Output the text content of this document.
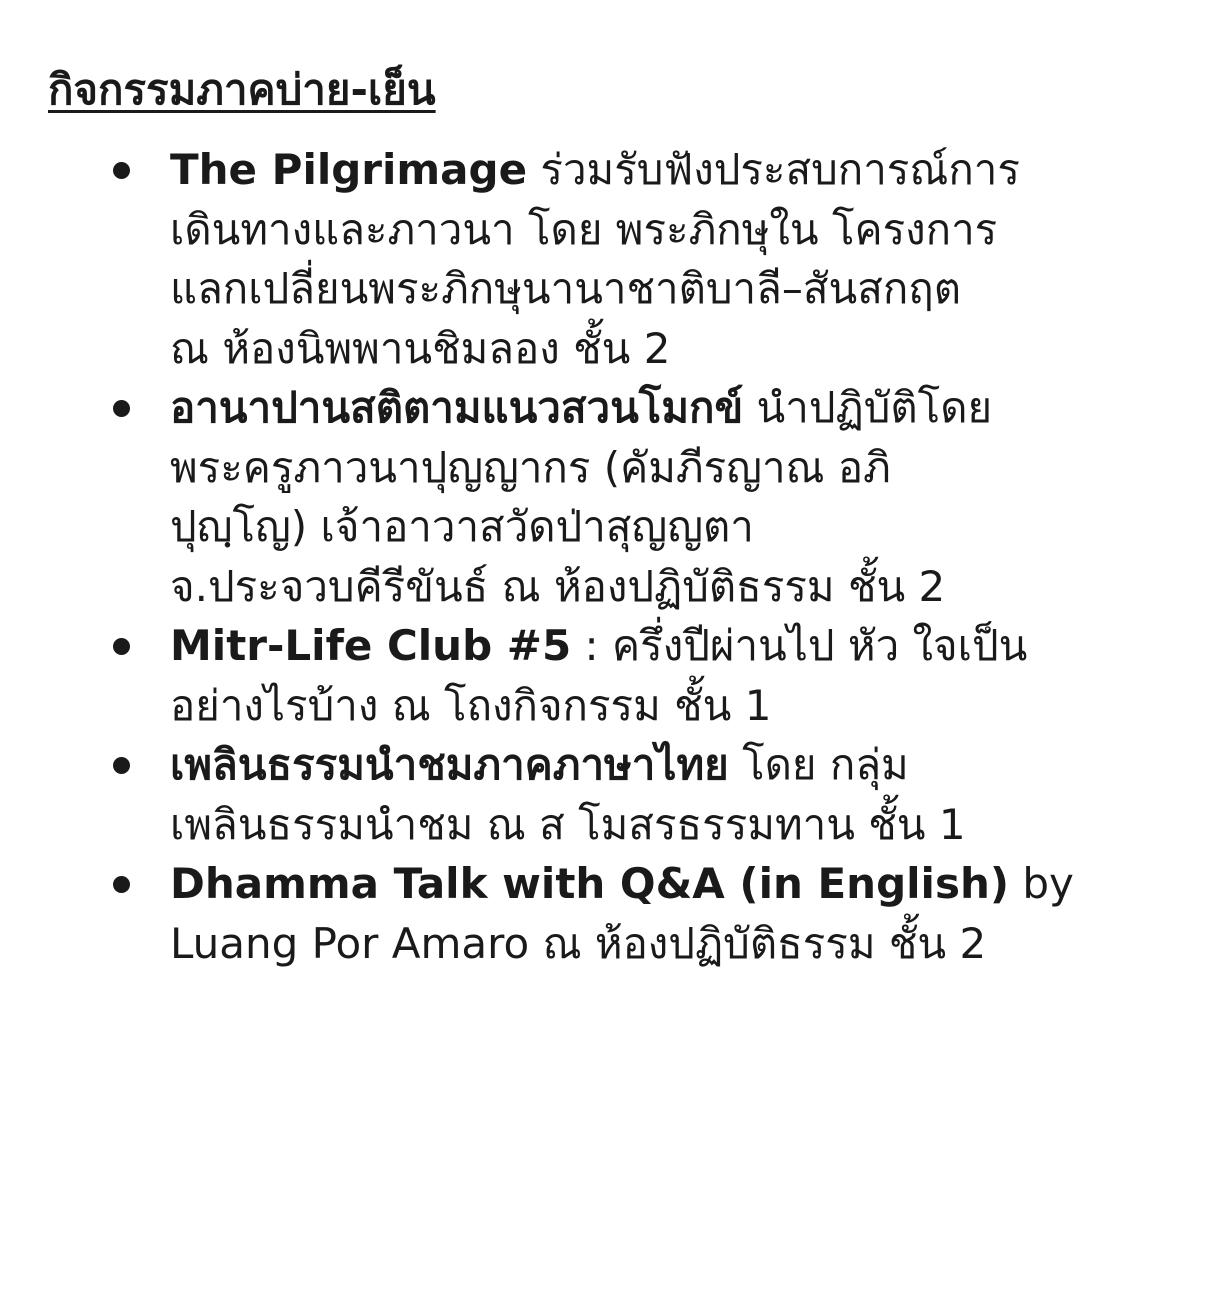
กิจกรรมภาคบ่าย-เย็น
The Pilgrimage ร่วมรับฟังประสบการณ์การ
เดินทางและภาวนา โดย พระภิกษุใน โครงการ
แลกเปลี่ยนพระภิกษุนานาชาติบาลี–สันสกฤต
ณ ห้องนิพพานชิมลอง ชั้น 2
อานาปานสติตามแนวสวนโมกข์ นำปฏิบัติโดย
พระครูภาวนาปุญญากร (คัมภีรญาณ อภิ
ปุญฺโญ) เจ้าอาวาสวัดป่าสุญญตา
จ.ประจวบคีรีขันธ์ ณ ห้องปฏิบัติธรรม ชั้น 2
Mitr-Life Club #5 : ครึ่งปีผ่านไป หัว ใจเป็น
อย่างไรบ้าง ณ โถงกิจกรรม ชั้น 1
เพลินธรรมนำชมภาคภาษาไทย โดย กลุ่ม
เพลินธรรมนำชม ณ ส โมสรธรรมทาน ชั้น 1
Dhamma Talk with Q&A (in English) by
Luang Por Amaro ณ ห้องปฏิบัติธรรม ชั้น 2
